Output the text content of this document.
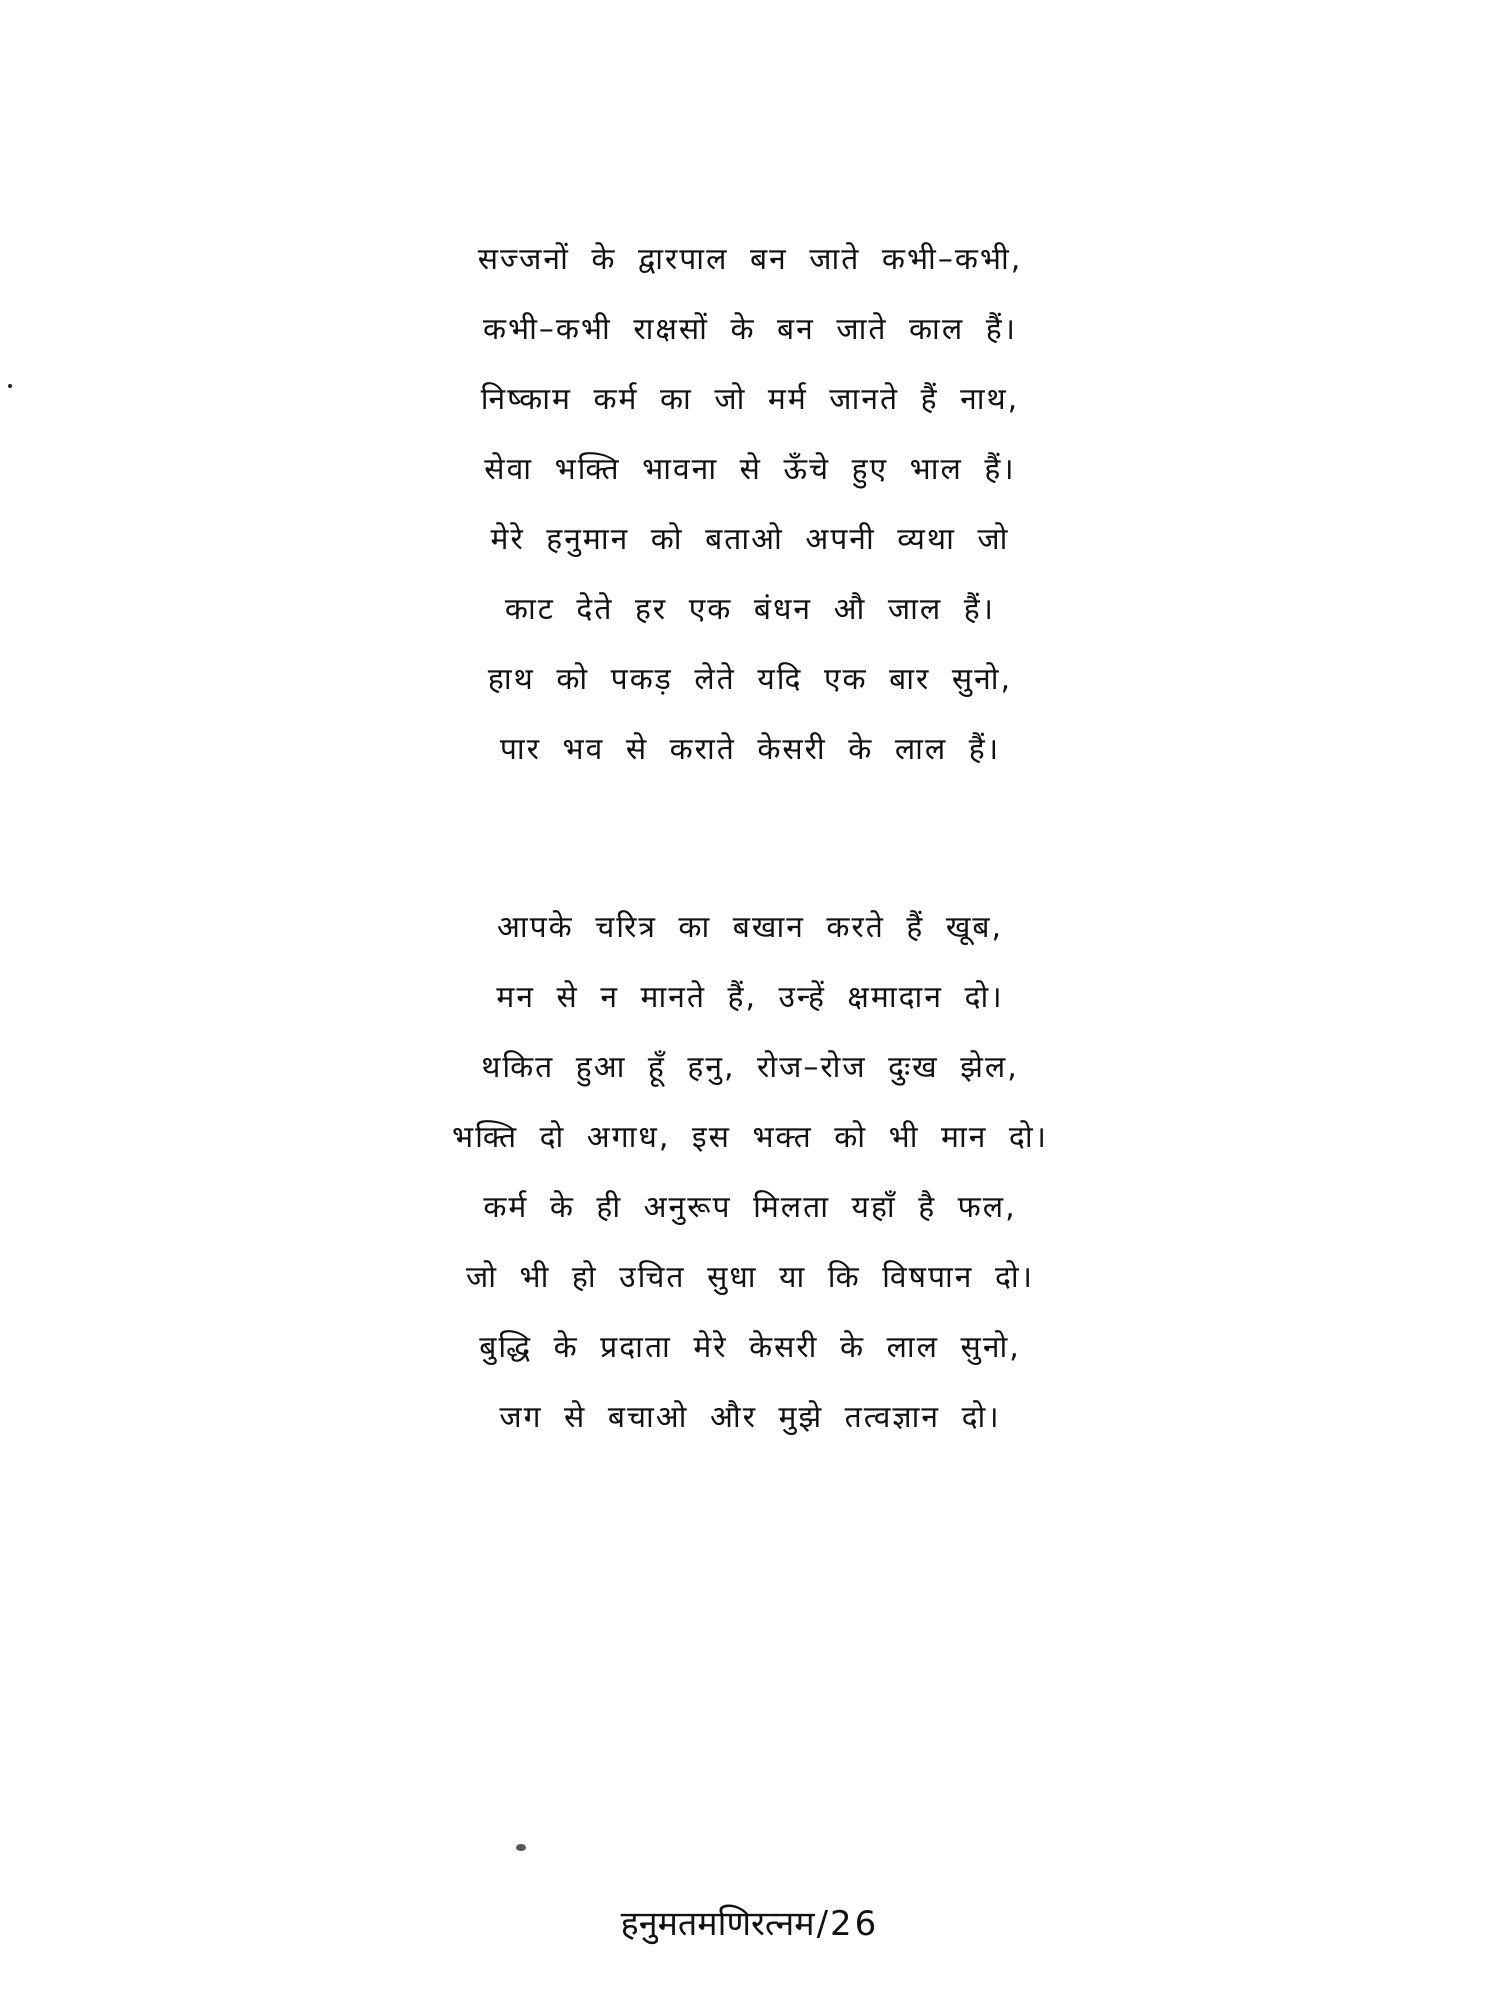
सज्जनों के द्वारपाल बन जाते कभी–कभी,
कभी–कभी राक्षसों के बन जाते काल हैं।
निष्काम कर्म का जो मर्म जानते हैं नाथ,
सेवा भक्ति भावना से ऊँचे हुए भाल हैं।
मेरे हनुमान को बताओ अपनी व्यथा जो
काट देते हर एक बंधन औ जाल हैं।
हाथ को पकड़ लेते यदि एक बार सुनो,
पार भव से कराते केसरी के लाल हैं।
आपके चरित्र का बखान करते हैं खूब,
मन से न मानते हैं, उन्हें क्षमादान दो।
थकित हुआ हूँ हनु, रोज–रोज दुःख झेल,
भक्ति दो अगाध, इस भक्त को भी मान दो।
कर्म के ही अनुरूप मिलता यहाँ है फल,
जो भी हो उचित सुधा या कि विषपान दो।
बुद्धि के प्रदाता मेरे केसरी के लाल सुनो,
जग से बचाओ और मुझे तत्वज्ञान दो।
हनुमतमणिरत्नम/26
